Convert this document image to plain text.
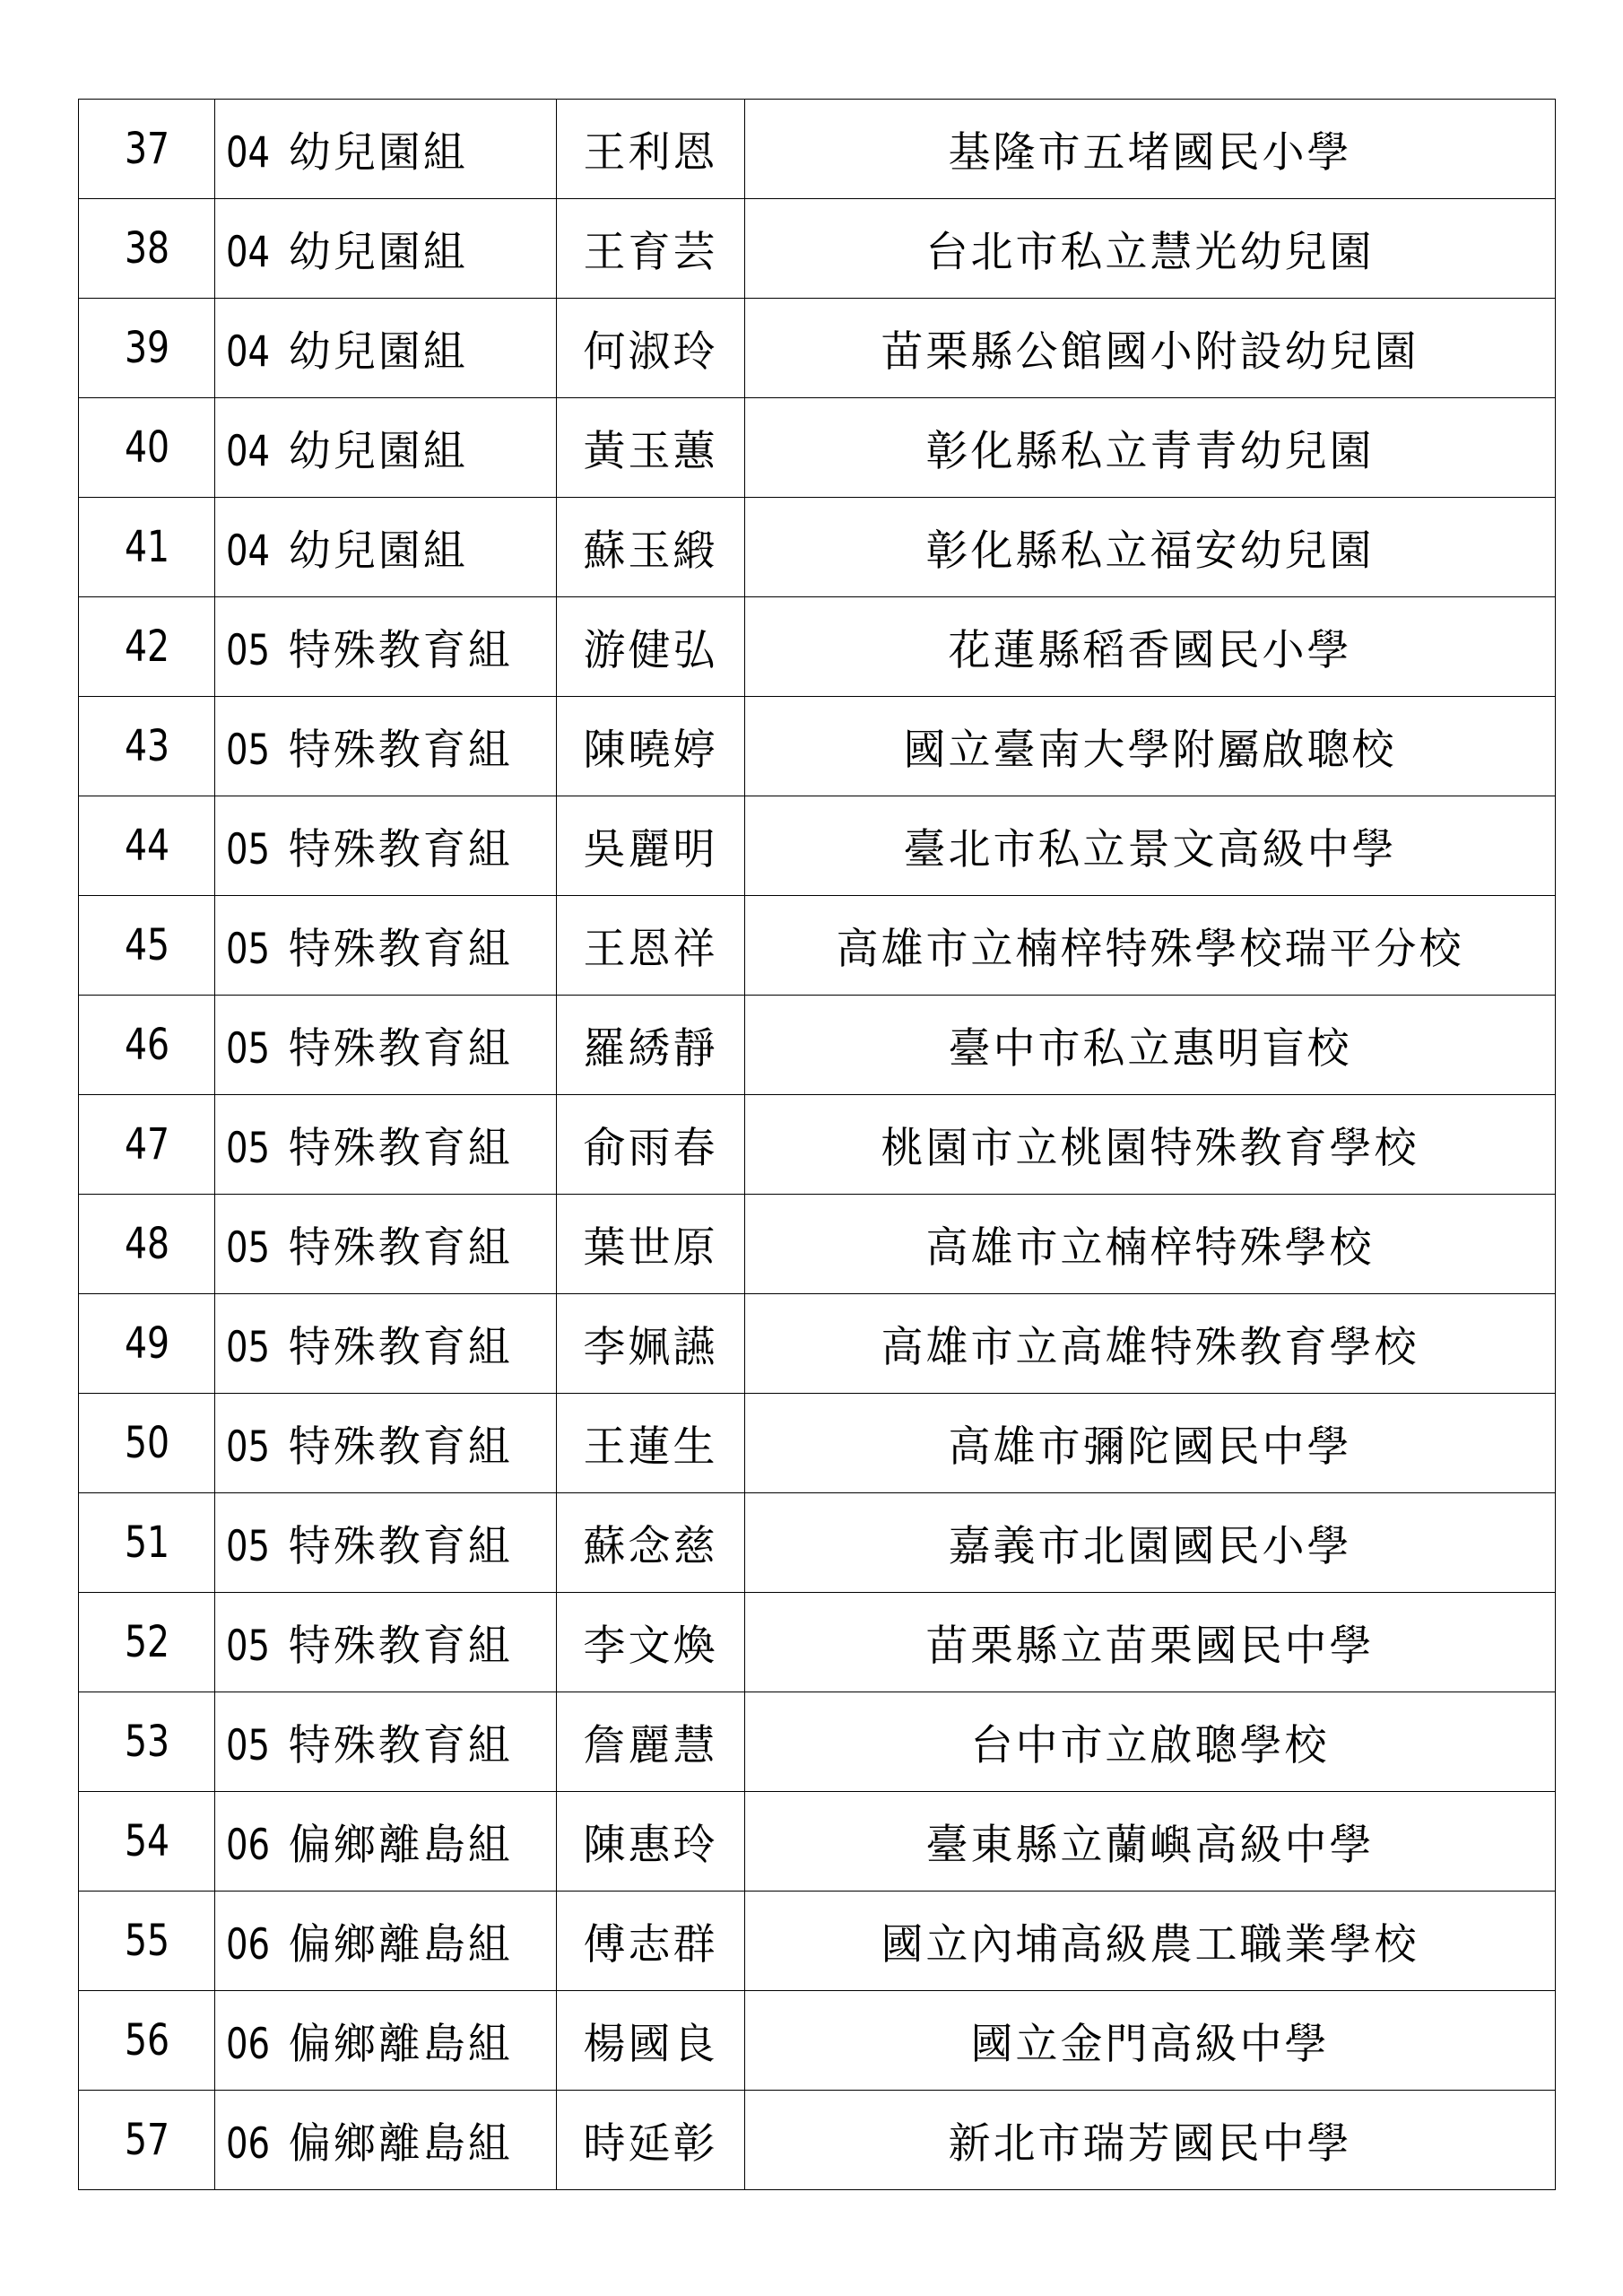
37	04 幼兒園組	王利恩	基隆市五堵國民小學
38	04 幼兒園組	王育芸	台北市私立慧光幼兒園
39	04 幼兒園組	何淑玲	苗栗縣公館國小附設幼兒園
40	04 幼兒園組	黃玉蕙	彰化縣私立青青幼兒園
41	04 幼兒園組	蘇玉緞	彰化縣私立福安幼兒園
42	05 特殊教育組	游健弘	花蓮縣稻香國民小學
43	05 特殊教育組	陳曉婷	國立臺南大學附屬啟聰校
44	05 特殊教育組	吳麗明	臺北市私立景文高級中學
45	05 特殊教育組	王恩祥	高雄市立楠梓特殊學校瑞平分校
46	05 特殊教育組	羅綉靜	臺中市私立惠明盲校
47	05 特殊教育組	俞雨春	桃園市立桃園特殊教育學校
48	05 特殊教育組	葉世原	高雄市立楠梓特殊學校
49	05 特殊教育組	李姵讌	高雄市立高雄特殊教育學校
50	05 特殊教育組	王蓮生	高雄市彌陀國民中學
51	05 特殊教育組	蘇念慈	嘉義市北園國民小學
52	05 特殊教育組	李文煥	苗栗縣立苗栗國民中學
53	05 特殊教育組	詹麗慧	台中市立啟聰學校
54	06 偏鄉離島組	陳惠玲	臺東縣立蘭嶼高級中學
55	06 偏鄉離島組	傅志群	國立內埔高級農工職業學校
56	06 偏鄉離島組	楊國良	國立金門高級中學
57	06 偏鄉離島組	時延彰	新北市瑞芳國民中學
